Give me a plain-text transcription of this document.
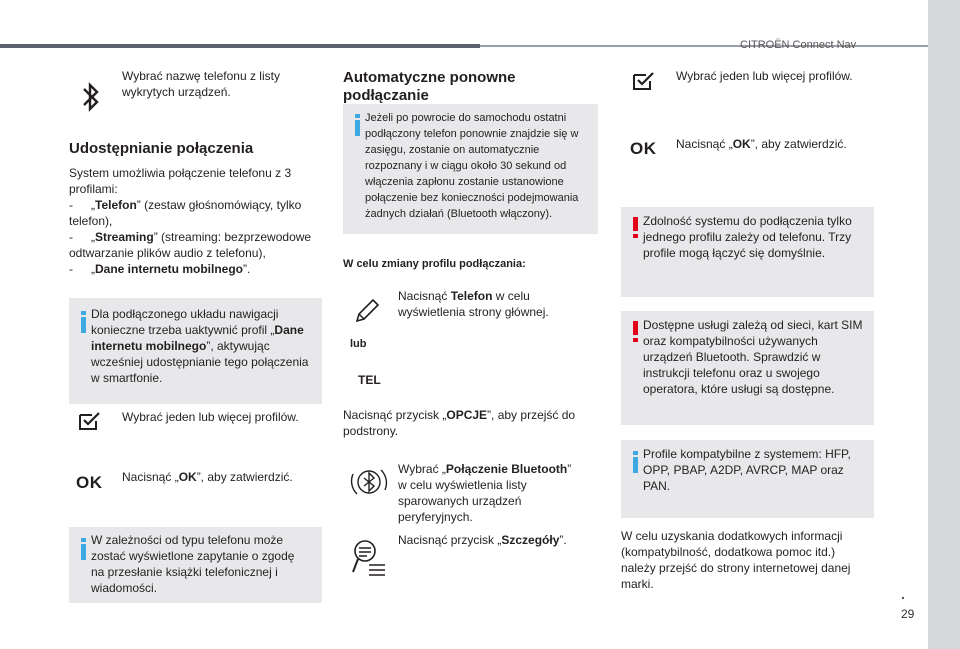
CITROËN Connect Nav
.
29
Wybrać nazwę telefonu z listy wykrytych urządzeń.
Udostępnianie połączenia
System umożliwia połączenie telefonu z 3 profilami:
- „Telefon” (zestaw głośnomówiący, tylko telefon),
- „Streaming” (streaming: bezprzewodowe odtwarzanie plików audio z telefonu),
- „Dane internetu mobilnego”.
Dla podłączonego układu nawigacji konieczne trzeba uaktywnić profil „Dane internetu mobilnego”, aktywując wcześniej udostępnianie tego połączenia w smartfonie.
Wybrać jeden lub więcej profilów.
OK Nacisnąć „OK”, aby zatwierdzić.
W zależności od typu telefonu może zostać wyświetlone zapytanie o zgodę na przesłanie książki telefonicznej i wiadomości.
Automatyczne ponowne podłączanie
Jeżeli po powrocie do samochodu ostatni podłączony telefon ponownie znajdzie się w zasięgu, zostanie on automatycznie rozpoznany i w ciągu około 30 sekund od włączenia zapłonu zostanie ustanowione połączenie bez konieczności podejmowania żadnych działań (Bluetooth włączony).
W celu zmiany profilu podłączania:
Nacisnąć Telefon w celu wyświetlenia strony głównej.
lub
TEL
Nacisnąć przycisk „OPCJE”, aby przejść do podstrony.
Wybrać „Połączenie Bluetooth” w celu wyświetlenia listy sparowanych urządzeń peryferyjnych.
Nacisnąć przycisk „Szczegóły”.
Wybrać jeden lub więcej profilów.
OK Nacisnąć „OK”, aby zatwierdzić.
Zdolność systemu do podłączenia tylko jednego profilu zależy od telefonu. Trzy profile mogą łączyć się domyślnie.
Dostępne usługi zależą od sieci, kart SIM oraz kompatybilności używanych urządzeń Bluetooth. Sprawdzić w instrukcji telefonu oraz u swojego operatora, które usługi są dostępne.
Profile kompatybilne z systemem: HFP, OPP, PBAP, A2DP, AVRCP, MAP oraz PAN.
W celu uzyskania dodatkowych informacji (kompatybilność, dodatkowa pomoc itd.) należy przejść do strony internetowej danej marki.
